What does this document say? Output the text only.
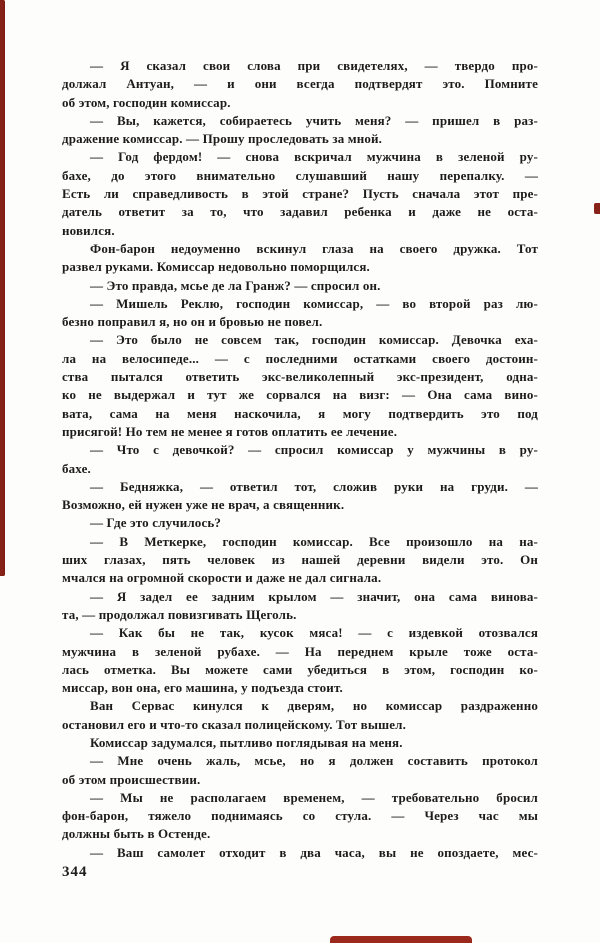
— Я сказал свои слова при свидетелях, — твердо про-
должал Антуан, — и они всегда подтвердят это. Помните
об этом, господин комиссар.
— Вы, кажется, собираетесь учить меня? — пришел в раз-
дражение комиссар. — Прошу проследовать за мной.
— Год фердом! — снова вскричал мужчина в зеленой ру-
бахе, до этого внимательно слушавший нашу перепалку. —
Есть ли справедливость в этой стране? Пусть сначала этот пре-
датель ответит за то, что задавил ребенка и даже не оста-
новился.
Фон-барон недоуменно вскинул глаза на своего дружка. Тот
развел руками. Комиссар недовольно поморщился.
— Это правда, мсье де ла Гранж? — спросил он.
— Мишель Реклю, господин комиссар, — во второй раз лю-
безно поправил я, но он и бровью не повел.
— Это было не совсем так, господин комиссар. Девочка еха-
ла на велосипеде... — с последними остатками своего достоин-
ства пытался ответить экс-великолепный экс-президент, одна-
ко не выдержал и тут же сорвался на визг: — Она сама вино-
вата, сама на меня наскочила, я могу подтвердить это под
присягой! Но тем не менее я готов оплатить ее лечение.
— Что с девочкой? — спросил комиссар у мужчины в ру-
бахе.
— Бедняжка, — ответил тот, сложив руки на груди. —
Возможно, ей нужен уже не врач, а священник.
— Где это случилось?
— В Меткерке, господин комиссар. Все произошло на на-
ших глазах, пять человек из нашей деревни видели это. Он
мчался на огромной скорости и даже не дал сигнала.
— Я задел ее задним крылом — значит, она сама винова-
та, — продолжал повизгивать Щеголь.
— Как бы не так, кусок мяса! — с издевкой отозвался
мужчина в зеленой рубахе. — На переднем крыле тоже оста-
лась отметка. Вы можете сами убедиться в этом, господин ко-
миссар, вон она, его машина, у подъезда стоит.
Ван Сервас кинулся к дверям, но комиссар раздраженно
остановил его и что-то сказал полицейскому. Тот вышел.
Комиссар задумался, пытливо поглядывая на меня.
— Мне очень жаль, мсье, но я должен составить протокол
об этом происшествии.
— Мы не располагаем временем, — требовательно бросил
фон-барон, тяжело поднимаясь со стула. — Через час мы
должны быть в Остенде.
— Ваш самолет отходит в два часа, вы не опоздаете, мес-
344
